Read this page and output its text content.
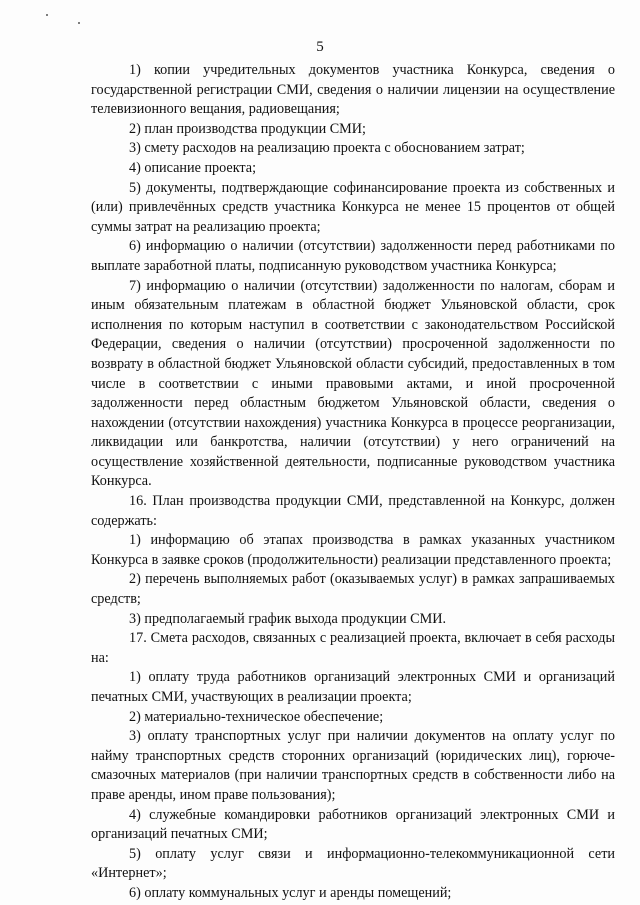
5

1) копии учредительных документов участника Конкурса, сведения о государственной регистрации СМИ, сведения о наличии лицензии на осуществление телевизионного вещания, радиовещания;

2) план производства продукции СМИ;

3) смету расходов на реализацию проекта с обоснованием затрат;

4) описание проекта;

5) документы, подтверждающие софинансирование проекта из собственных и (или) привлечённых средств участника Конкурса не менее 15 процентов от общей суммы затрат на реализацию проекта;

6) информацию о наличии (отсутствии) задолженности перед работниками по выплате заработной платы, подписанную руководством участника Конкурса;

7) информацию о наличии (отсутствии) задолженности по налогам, сборам и иным обязательным платежам в областной бюджет Ульяновской области, срок исполнения по которым наступил в соответствии с законодательством Российской Федерации, сведения о наличии (отсутствии) просроченной задолженности по возврату в областной бюджет Ульяновской области субсидий, предоставленных в том числе в соответствии с иными правовыми актами, и иной просроченной задолженности перед областным бюджетом Ульяновской области, сведения о нахождении (отсутствии нахождения) участника Конкурса в процессе реорганизации, ликвидации или банкротства, наличии (отсутствии) у него ограничений на осуществление хозяйственной деятельности, подписанные руководством участника Конкурса.

16. План производства продукции СМИ, представленной на Конкурс, должен содержать:

1) информацию об этапах производства в рамках указанных участником Конкурса в заявке сроков (продолжительности) реализации представленного проекта;

2) перечень выполняемых работ (оказываемых услуг) в рамках запрашиваемых средств;

3) предполагаемый график выхода продукции СМИ.

17. Смета расходов, связанных с реализацией проекта, включает в себя расходы на:

1) оплату труда работников организаций электронных СМИ и организаций печатных СМИ, участвующих в реализации проекта;

2) материально-техническое обеспечение;

3) оплату транспортных услуг при наличии документов на оплату услуг по найму транспортных средств сторонних организаций (юридических лиц), горюче-смазочных материалов (при наличии транспортных средств в собственности либо на праве аренды, ином праве пользования);

4) служебные командировки работников организаций электронных СМИ и организаций печатных СМИ;

5) оплату услуг связи и информационно-телекоммуникационной сети «Интернет»;

6) оплату коммунальных услуг и аренды помещений;
